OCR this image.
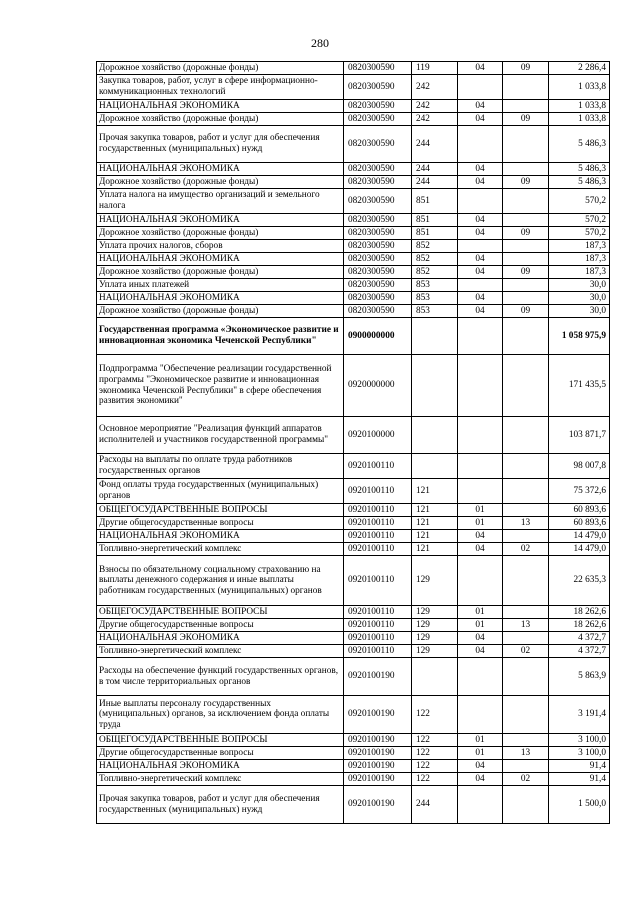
280
Дорожное хозяйство (дорожные фонды)	0820300590	119	04	09	2 286,4
Закупка товаров, работ, услуг в сфере информационно-коммуникационных технологий	0820300590	242			1 033,8
НАЦИОНАЛЬНАЯ ЭКОНОМИКА	0820300590	242	04		1 033,8
Дорожное хозяйство (дорожные фонды)	0820300590	242	04	09	1 033,8
Прочая закупка товаров, работ и услуг для обеспечения государственных (муниципальных) нужд	0820300590	244			5 486,3
НАЦИОНАЛЬНАЯ ЭКОНОМИКА	0820300590	244	04		5 486,3
Дорожное хозяйство (дорожные фонды)	0820300590	244	04	09	5 486,3
Уплата налога на имущество организаций и земельного налога	0820300590	851			570,2
НАЦИОНАЛЬНАЯ ЭКОНОМИКА	0820300590	851	04		570,2
Дорожное хозяйство (дорожные фонды)	0820300590	851	04	09	570,2
Уплата прочих налогов, сборов	0820300590	852			187,3
НАЦИОНАЛЬНАЯ ЭКОНОМИКА	0820300590	852	04		187,3
Дорожное хозяйство (дорожные фонды)	0820300590	852	04	09	187,3
Уплата иных платежей	0820300590	853			30,0
НАЦИОНАЛЬНАЯ ЭКОНОМИКА	0820300590	853	04		30,0
Дорожное хозяйство (дорожные фонды)	0820300590	853	04	09	30,0
Государственная программа «Экономическое развитие и инновационная экономика Чеченской Республики"	0900000000				1 058 975,9
Подпрограмма "Обеспечение реализации государственной программы "Экономическое развитие и инновационная экономика Чеченской Республики" в сфере обеспечения развития экономики"	0920000000				171 435,5
Основное мероприятие "Реализация функций аппаратов исполнителей и участников государственной программы"	0920100000				103 871,7
Расходы на выплаты по оплате труда работников государственных органов	0920100110				98 007,8
Фонд оплаты труда государственных (муниципальных) органов	0920100110	121			75 372,6
ОБЩЕГОСУДАРСТВЕННЫЕ ВОПРОСЫ	0920100110	121	01		60 893,6
Другие общегосударственные вопросы	0920100110	121	01	13	60 893,6
НАЦИОНАЛЬНАЯ ЭКОНОМИКА	0920100110	121	04		14 479,0
Топливно-энергетический комплекс	0920100110	121	04	02	14 479,0
Взносы по обязательному социальному страхованию на выплаты денежного содержания и иные выплаты работникам государственных (муниципальных) органов	0920100110	129			22 635,3
ОБЩЕГОСУДАРСТВЕННЫЕ ВОПРОСЫ	0920100110	129	01		18 262,6
Другие общегосударственные вопросы	0920100110	129	01	13	18 262,6
НАЦИОНАЛЬНАЯ ЭКОНОМИКА	0920100110	129	04		4 372,7
Топливно-энергетический комплекс	0920100110	129	04	02	4 372,7
Расходы на обеспечение функций государственных органов, в том числе территориальных органов	0920100190				5 863,9
Иные выплаты персоналу государственных (муниципальных) органов, за исключением фонда оплаты труда	0920100190	122			3 191,4
ОБЩЕГОСУДАРСТВЕННЫЕ ВОПРОСЫ	0920100190	122	01		3 100,0
Другие общегосударственные вопросы	0920100190	122	01	13	3 100,0
НАЦИОНАЛЬНАЯ ЭКОНОМИКА	0920100190	122	04		91,4
Топливно-энергетический комплекс	0920100190	122	04	02	91,4
Прочая закупка товаров, работ и услуг для обеспечения государственных (муниципальных) нужд	0920100190	244			1 500,0
